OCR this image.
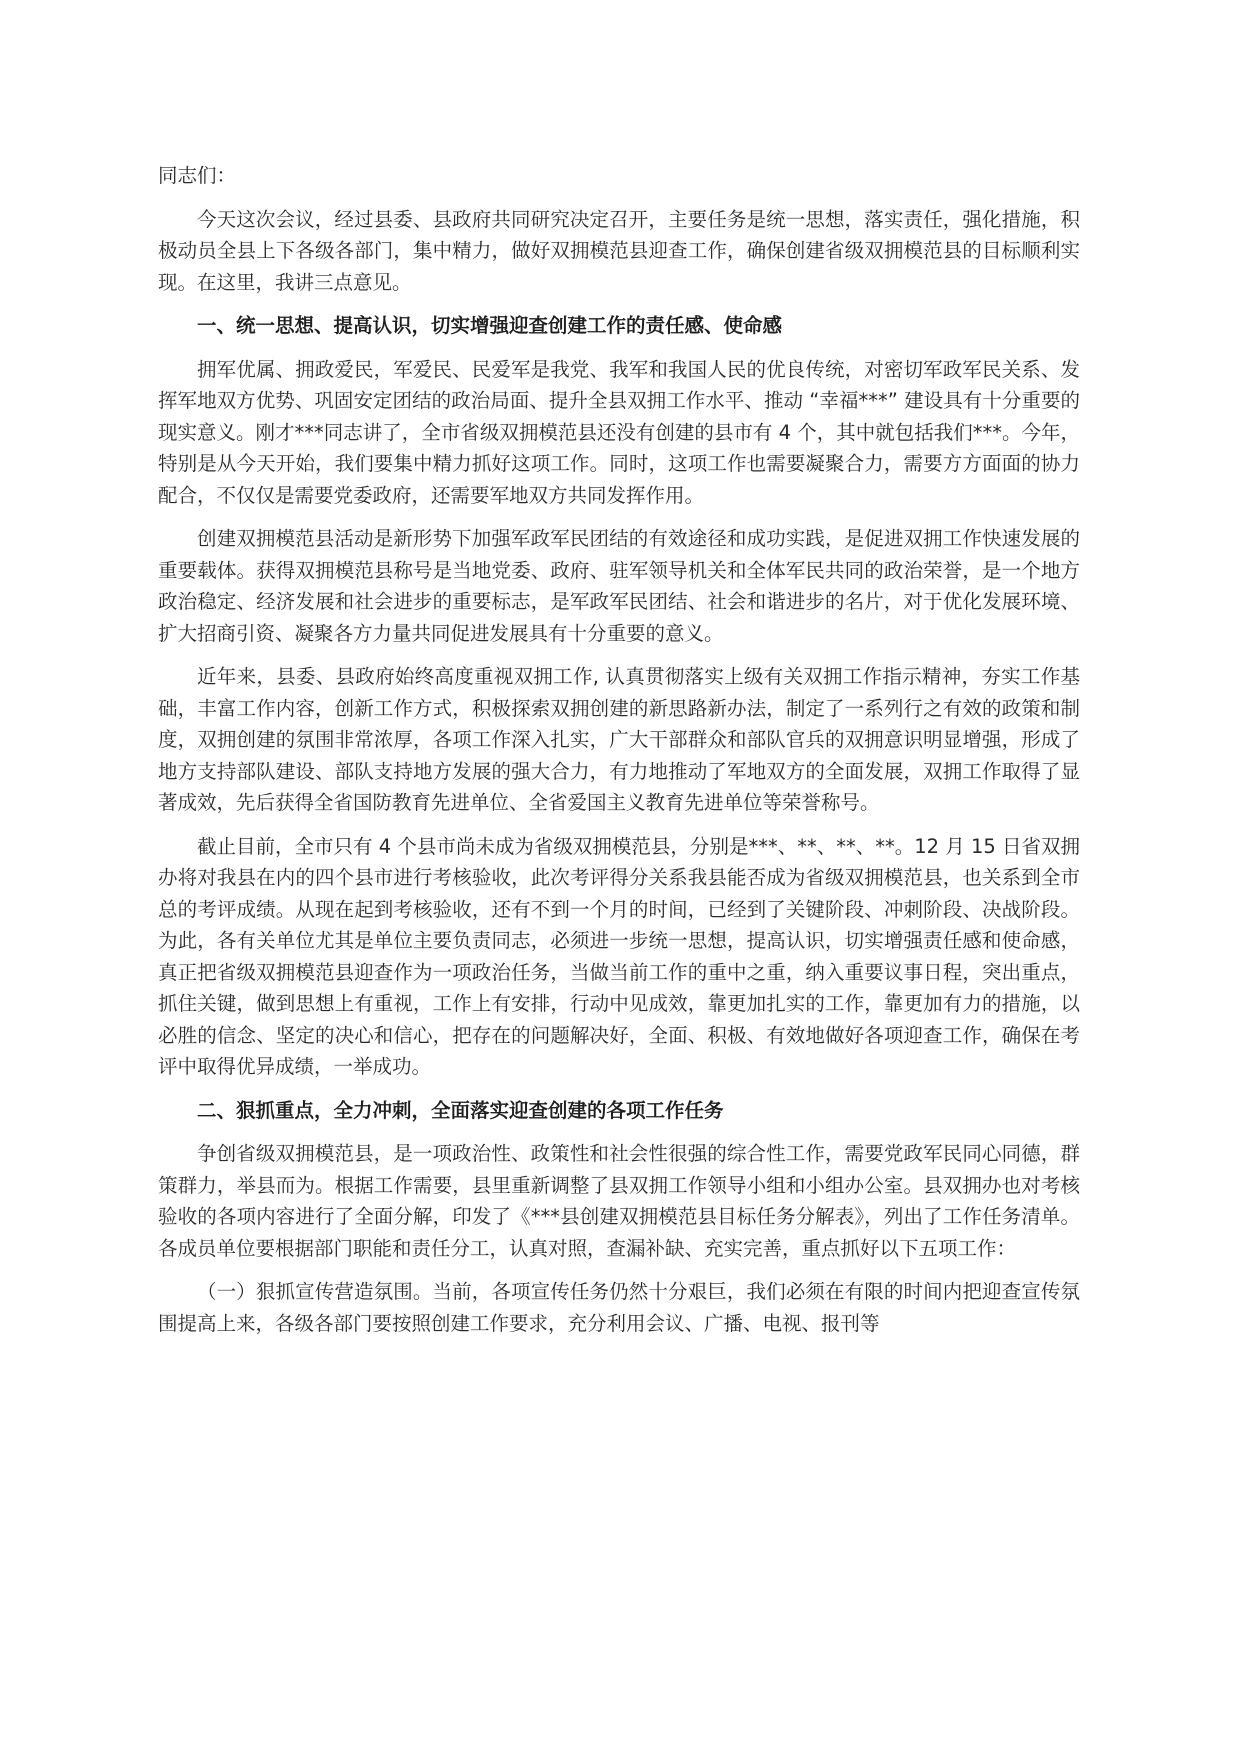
同志们：

今天这次会议，经过县委、县政府共同研究决定召开，主要任务是统一思想，落实责任，强化措施，积极动员全县上下各级各部门，集中精力，做好双拥模范县迎查工作，确保创建省级双拥模范县的目标顺利实现。在这里，我讲三点意见。

一、统一思想、提高认识，切实增强迎查创建工作的责任感、使命感

拥军优属、拥政爱民，军爱民、民爱军是我党、我军和我国人民的优良传统，对密切军政军民关系、发挥军地双方优势、巩固安定团结的政治局面、提升全县双拥工作水平、推动 “幸福***” 建设具有十分重要的现实意义。刚才***同志讲了，全市省级双拥模范县还没有创建的县市有 4 个，其中就包括我们***。今年，特别是从今天开始，我们要集中精力抓好这项工作。同时，这项工作也需要凝聚合力，需要方方面面的协力配合，不仅仅是需要党委政府，还需要军地双方共同发挥作用。

创建双拥模范县活动是新形势下加强军政军民团结的有效途径和成功实践，是促进双拥工作快速发展的重要载体。获得双拥模范县称号是当地党委、政府、驻军领导机关和全体军民共同的政治荣誉，是一个地方政治稳定、经济发展和社会进步的重要标志，是军政军民团结、社会和谐进步的名片，对于优化发展环境、扩大招商引资、凝聚各方力量共同促进发展具有十分重要的意义。

近年来，县委、县政府始终高度重视双拥工作, 认真贯彻落实上级有关双拥工作指示精神，夯实工作基础，丰富工作内容，创新工作方式，积极探索双拥创建的新思路新办法，制定了一系列行之有效的政策和制度，双拥创建的氛围非常浓厚，各项工作深入扎实，广大干部群众和部队官兵的双拥意识明显增强，形成了地方支持部队建设、部队支持地方发展的强大合力，有力地推动了军地双方的全面发展，双拥工作取得了显著成效，先后获得全省国防教育先进单位、全省爱国主义教育先进单位等荣誉称号。

截止目前，全市只有 4 个县市尚未成为省级双拥模范县，分别是***、**、**、**。12 月 15 日省双拥办将对我县在内的四个县市进行考核验收，此次考评得分关系我县能否成为省级双拥模范县，也关系到全市总的考评成绩。从现在起到考核验收，还有不到一个月的时间，已经到了关键阶段、冲刺阶段、决战阶段。为此，各有关单位尤其是单位主要负责同志，必须进一步统一思想，提高认识，切实增强责任感和使命感，真正把省级双拥模范县迎查作为一项政治任务，当做当前工作的重中之重，纳入重要议事日程，突出重点，抓住关键，做到思想上有重视，工作上有安排，行动中见成效，靠更加扎实的工作，靠更加有力的措施，以必胜的信念、坚定的决心和信心，把存在的问题解决好，全面、积极、有效地做好各项迎查工作，确保在考评中取得优异成绩，一举成功。

二、狠抓重点，全力冲刺，全面落实迎查创建的各项工作任务

争创省级双拥模范县，是一项政治性、政策性和社会性很强的综合性工作，需要党政军民同心同德，群策群力，举县而为。根据工作需要，县里重新调整了县双拥工作领导小组和小组办公室。县双拥办也对考核验收的各项内容进行了全面分解，印发了《***县创建双拥模范县目标任务分解表》，列出了工作任务清单。各成员单位要根据部门职能和责任分工，认真对照，查漏补缺、充实完善，重点抓好以下五项工作：

（一）狠抓宣传营造氛围。当前，各项宣传任务仍然十分艰巨，我们必须在有限的时间内把迎查宣传氛围提高上来，各级各部门要按照创建工作要求，充分利用会议、广播、电视、报刊等
